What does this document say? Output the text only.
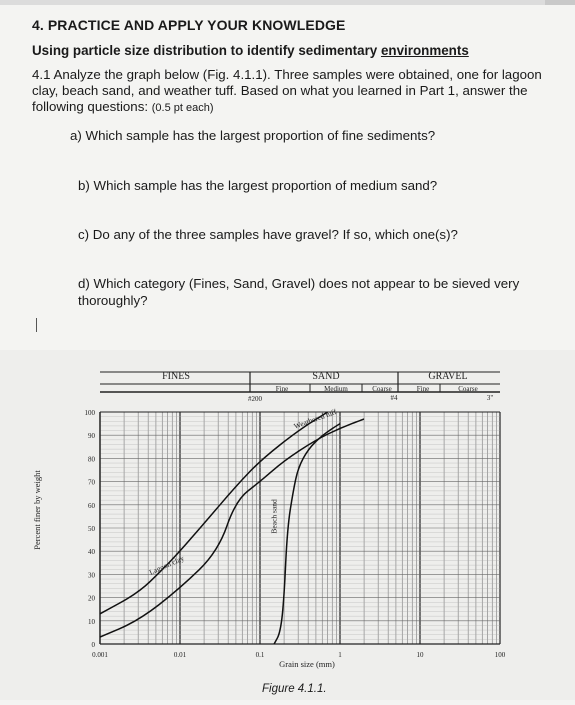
4. PRACTICE AND APPLY YOUR KNOWLEDGE
Using particle size distribution to identify sedimentary environments
4.1 Analyze the graph below (Fig. 4.1.1). Three samples were obtained, one for lagoon clay, beach sand, and weather tuff. Based on what you learned in Part 1, answer the following questions: (0.5 pt each)
a) Which sample has the largest proportion of fine sediments?
b) Which sample has the largest proportion of medium sand?
c) Do any of the three samples have gravel? If so, which one(s)?
d) Which category (Fines, Sand, Gravel) does not appear to be sieved very thoroughly?
FINES	SAND	GRAVEL
Fine	Medium	Coarse	Fine	Coarse
#200	#4	3"
0
10
20
30
40
50
60
70
80
90
100
0.001	0.01	0.1	1	10	100
Lagoon clay
Beach sand
Weathered tuff
Percent finer by weight
Grain size (mm)
Figure 4.1.1.
